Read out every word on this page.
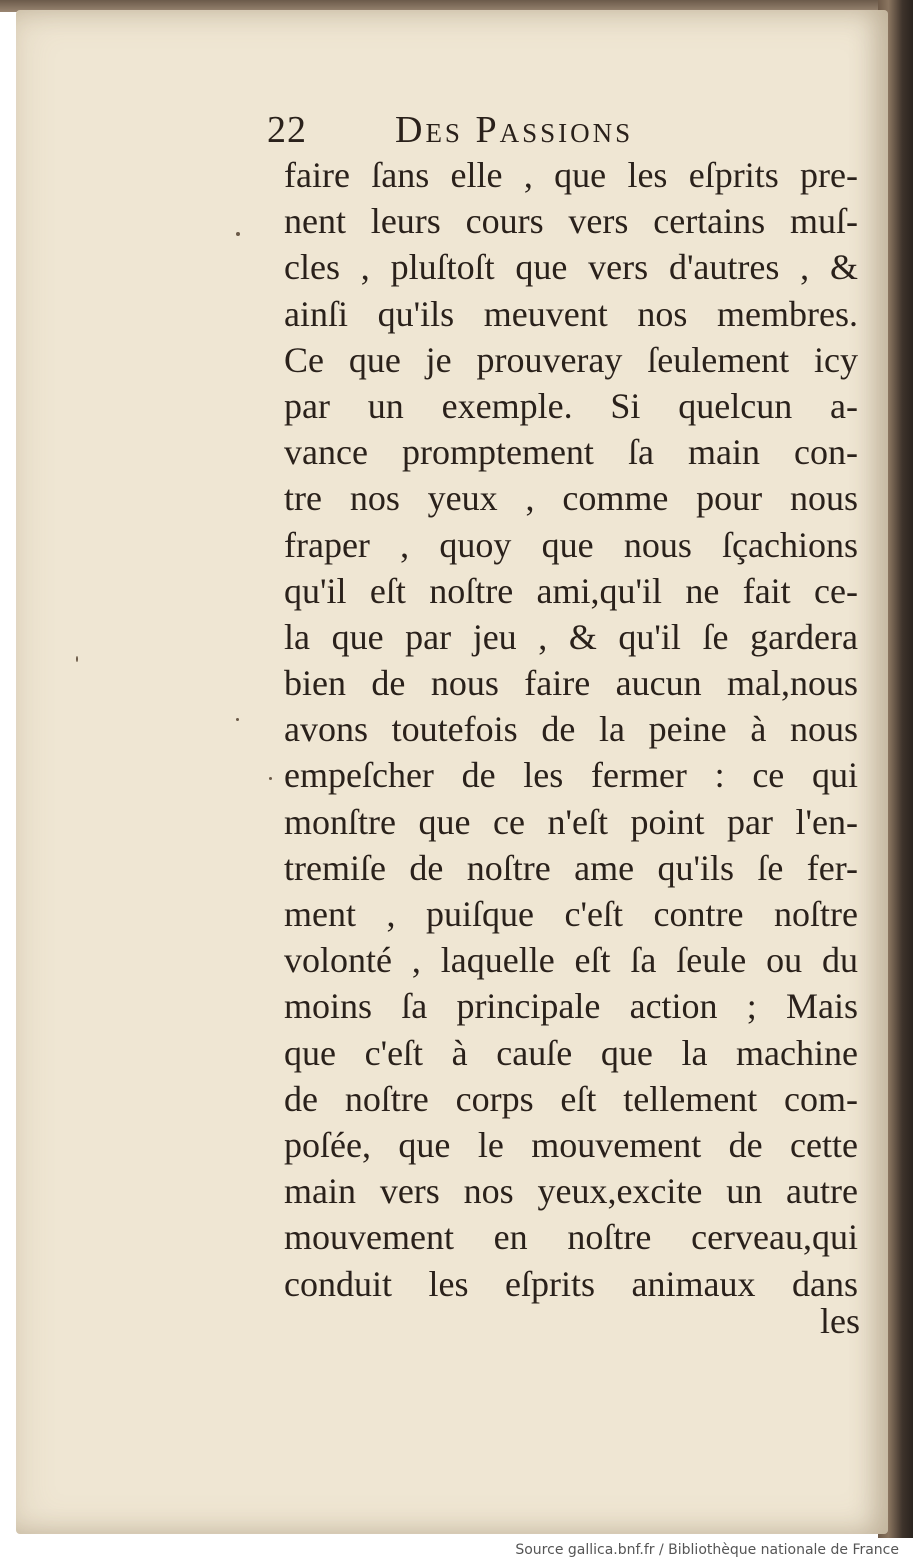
22 Des Passions
faire ſans elle , que les eſprits pre-
nent leurs cours vers certains muſ-
cles , pluſtoſt que vers d'autres , &
ainſi qu'ils meuvent nos membres.
Ce que je prouveray ſeulement icy
par un exemple. Si quelcun a-
vance promptement ſa main con-
tre nos yeux , comme pour nous
fraper , quoy que nous ſçachions
qu'il eſt noſtre ami,qu'il ne fait ce-
la que par jeu , & qu'il ſe gardera
bien de nous faire aucun mal,nous
avons toutefois de la peine à nous
empeſcher de les fermer : ce qui
monſtre que ce n'eſt point par l'en-
tremiſe de noſtre ame qu'ils ſe fer-
ment , puiſque c'eſt contre noſtre
volonté , laquelle eſt ſa ſeule ou du
moins ſa principale action ; Mais
que c'eſt à cauſe que la machine
de noſtre corps eſt tellement com-
poſée, que le mouvement de cette
main vers nos yeux,excite un autre
mouvement en noſtre cerveau,qui
conduit les eſprits animaux dans
les
Source gallica.bnf.fr / Bibliothèque nationale de France
